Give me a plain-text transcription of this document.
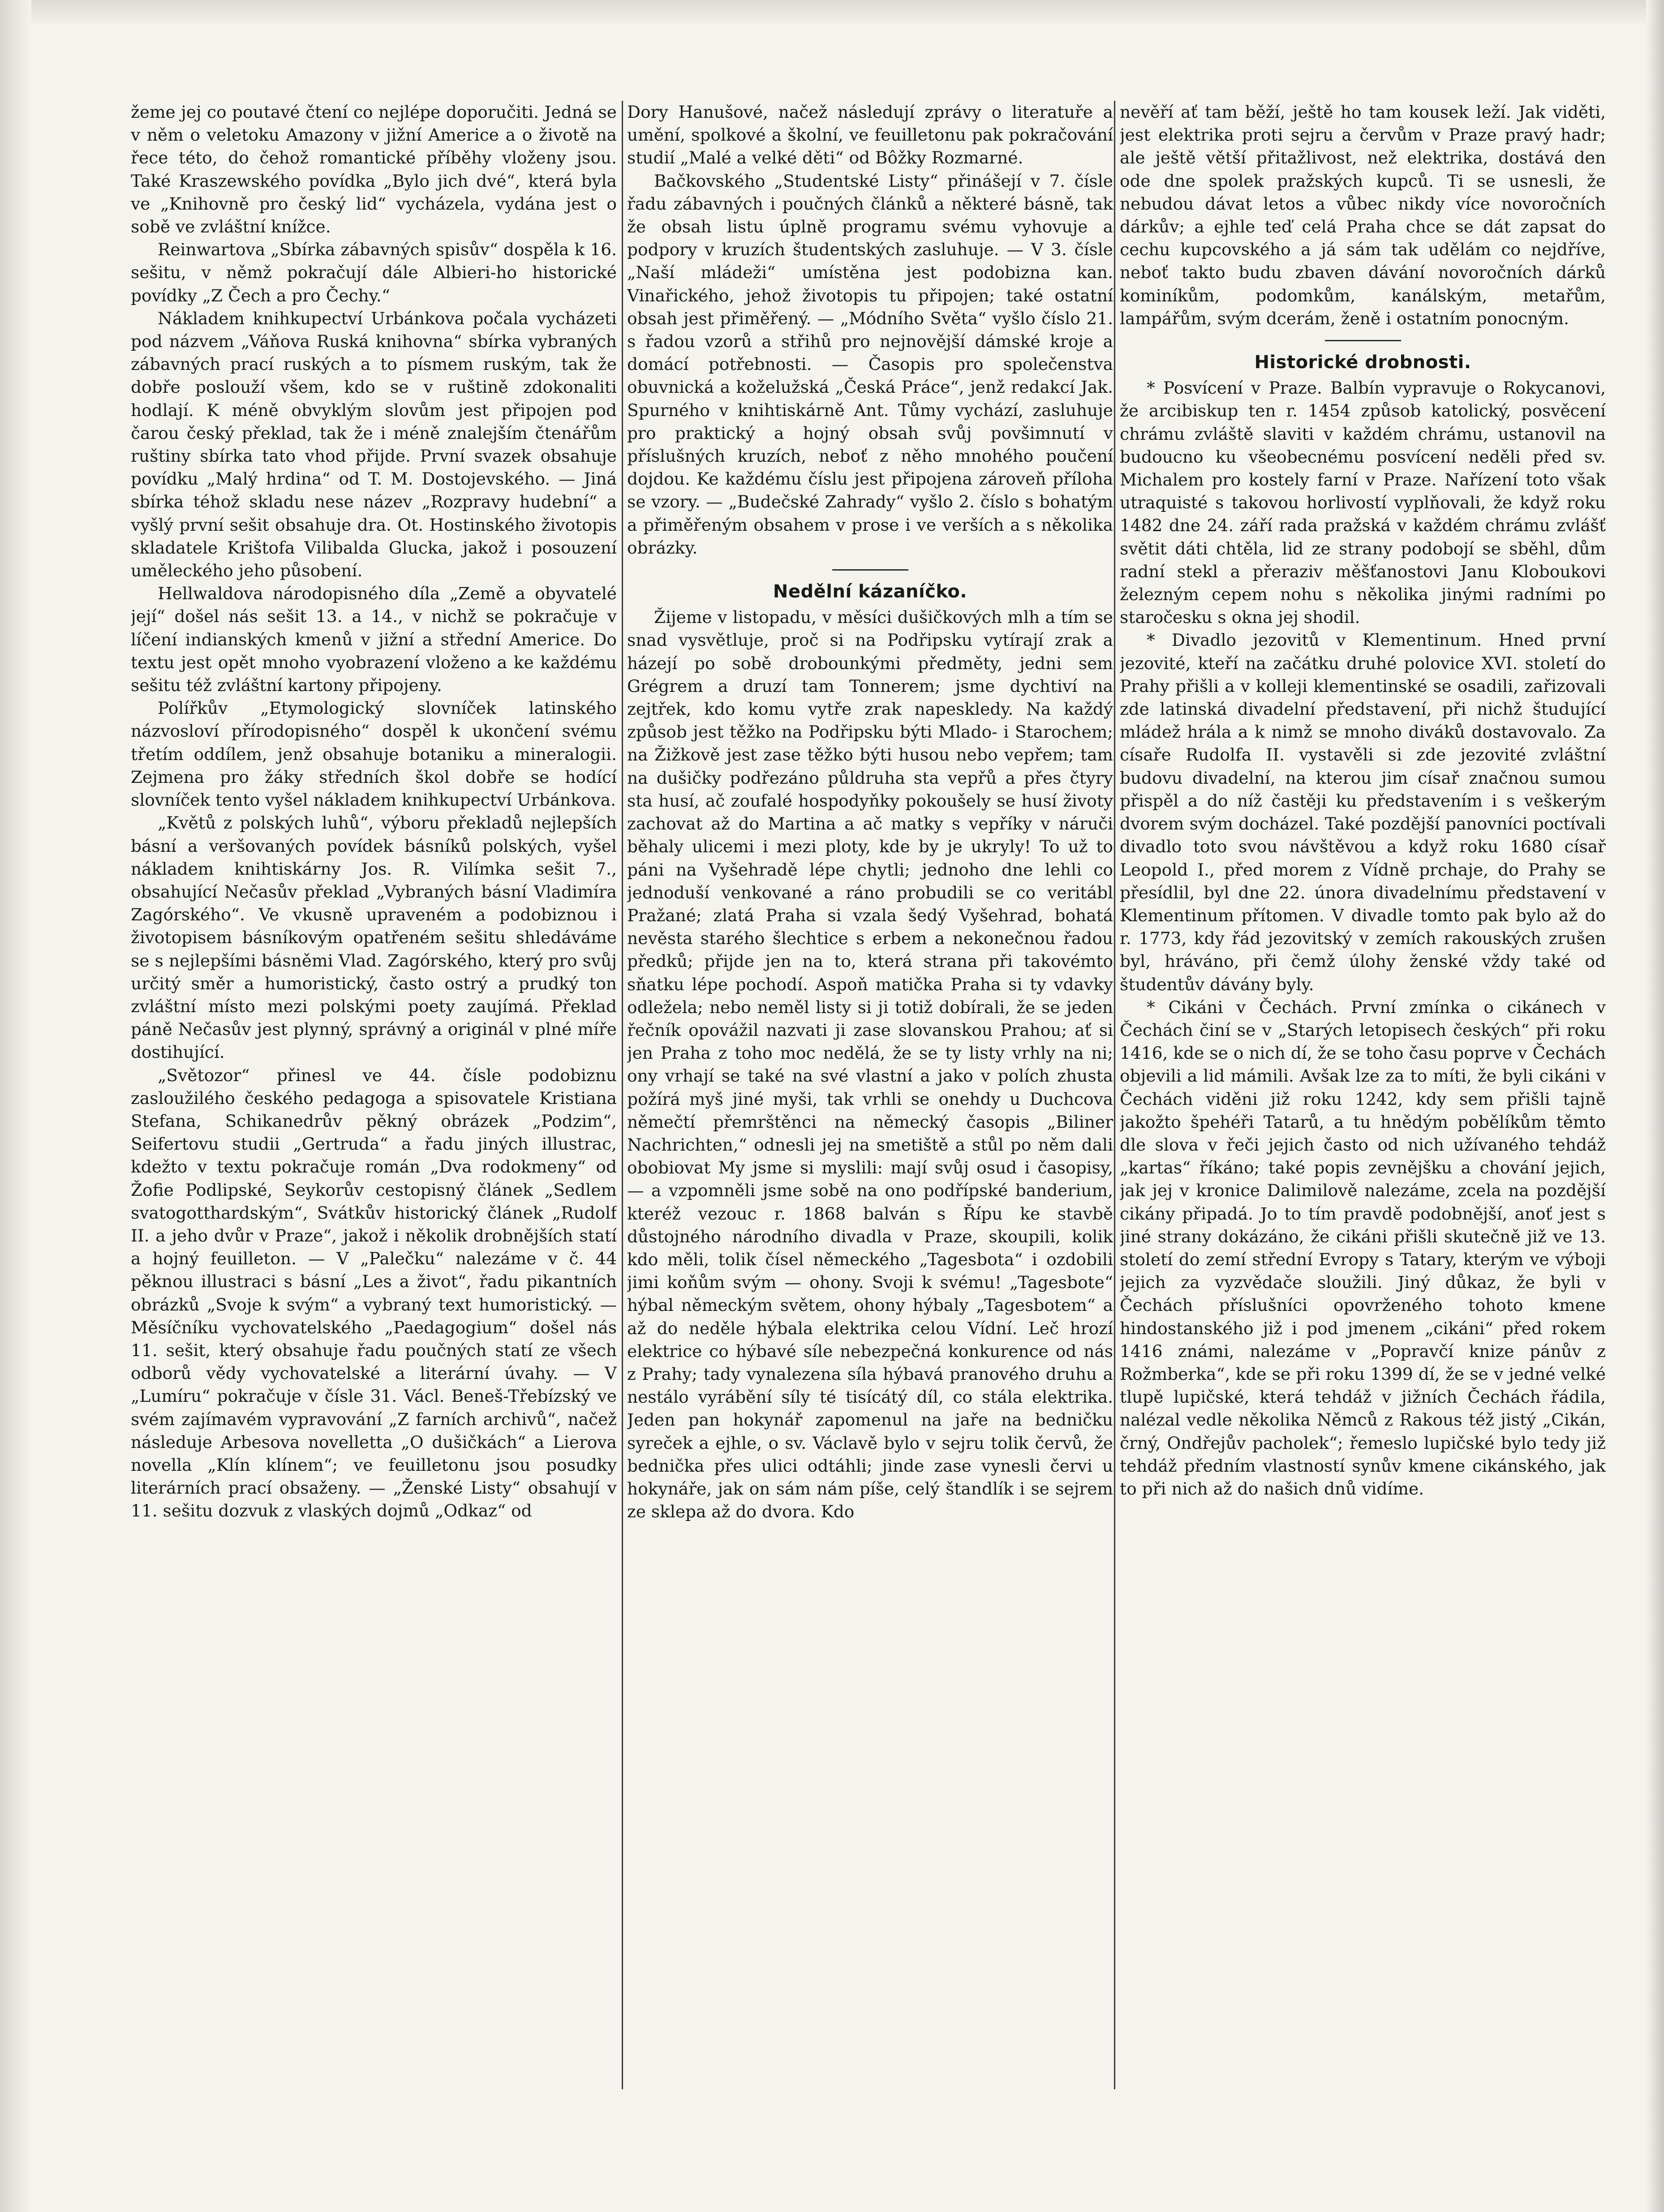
žeme jej co poutavé čtení co nejlépe doporučiti. Jedná se v něm o veletoku Amazony v jižní Americe a o životě na řece této, do čehož romantické příběhy vloženy jsou. Také Kraszewského povídka „Bylo jich dvé“, která byla ve „Knihovně pro český lid“ vycházela, vydána jest o sobě ve zvláštní knížce.

Reinwartova „Sbírka zábavných spisův“ dospěla k 16. sešitu, v němž pokračují dále Albieri-ho historické povídky „Z Čech a pro Čechy.“

Nákladem knihkupectví Urbánkova počala vycházeti pod názvem „Váňova Ruská knihovna“ sbírka vybraných zábavných prací ruských a to písmem ruským, tak že dobře poslouží všem, kdo se v ruštině zdokonaliti hodlají. K méně obvyklým slovům jest připojen pod čarou český překlad, tak že i méně znalejším čtenářům ruštiny sbírka tato vhod přijde. První svazek obsahuje povídku „Malý hrdina“ od T. M. Dostojevského. — Jiná sbírka téhož skladu nese název „Rozpravy hudební“ a vyšlý první sešit obsahuje dra. Ot. Hostinského životopis skladatele Krištofa Vilibalda Glucka, jakož i posouzení uměleckého jeho působení.

Hellwaldova národopisného díla „Země a obyvatelé její“ došel nás sešit 13. a 14., v nichž se pokračuje v líčení indianských kmenů v jižní a střední Americe. Do textu jest opět mnoho vyobrazení vloženo a ke každému sešitu též zvláštní kartony připojeny.

Polířkův „Etymologický slovníček latinského názvosloví přírodopisného“ dospěl k ukončení svému třetím oddílem, jenž obsahuje botaniku a mineralogii. Zejmena pro žáky středních škol dobře se hodící slovníček tento vyšel nákladem knihkupectví Urbánkova.

„Květů z polských luhů“, výboru překladů nejlepších básní a veršovaných povídek básníků polských, vyšel nákladem knihtiskárny Jos. R. Vilímka sešit 7., obsahující Nečasův překlad „Vybraných básní Vladimíra Zagórského“. Ve vkusně upraveném a podobiznou i životopisem básníkovým opatřeném sešitu shledáváme se s nejlepšími básněmi Vlad. Zagórského, který pro svůj určitý směr a humoristický, často ostrý a prudký ton zvláštní místo mezi polskými poety zaujímá. Překlad páně Nečasův jest plynný, správný a originál v plné míře dostihující.

„Světozor“ přinesl ve 44. čísle podobiznu zasloužilého českého pedagoga a spisovatele Kristiana Stefana, Schikanedrův pěkný obrázek „Podzim“, Seifertovu studii „Gertruda“ a řadu jiných illustrac, kdežto v textu pokračuje román „Dva rodokmeny“ od Žofie Podlipské, Seykorův cestopisný článek „Sedlem svatogotthardským“, Svátkův historický článek „Rudolf II. a jeho dvůr v Praze“, jakož i několik drobnějších statí a hojný feuilleton. — V „Palečku“ nalezáme v č. 44 pěknou illustraci s básní „Les a život“, řadu pikantních obrázků „Svoje k svým“ a vybraný text humoristický. — Měsíčníku vychovatelského „Paedagogium“ došel nás 11. sešit, který obsahuje řadu poučných statí ze všech odborů vědy vychovatelské a literární úvahy. — V „Lumíru“ pokračuje v čísle 31. Václ. Beneš-Třebízský ve svém zajímavém vypravování „Z farních archivů“, načež následuje Arbesova novelletta „O dušičkách“ a Lierova novella „Klín klínem“; ve feuilletonu jsou posudky literárních prací obsaženy. — „Ženské Listy“ obsahují v 11. sešitu dozvuk z vlaských dojmů „Odkaz“ od

Dory Hanušové, načež následují zprávy o literatuře a umění, spolkové a školní, ve feuilletonu pak pokračování studií „Malé a velké děti“ od Bôžky Rozmarné.

Bačkovského „Studentské Listy“ přinášejí v 7. čísle řadu zábavných i poučných článků a některé básně, tak že obsah listu úplně programu svému vyhovuje a podpory v kruzích študentských zasluhuje. — V 3. čísle „Naší mládeži“ umístěna jest podobizna kan. Vinařického, jehož životopis tu připojen; také ostatní obsah jest přiměřený. — „Módního Světa“ vyšlo číslo 21. s řadou vzorů a střihů pro nejnovější dámské kroje a domácí potřebnosti. — Časopis pro společenstva obuvnická a koželužská „Česká Práce“, jenž redakcí Jak. Spurného v knihtiskárně Ant. Tůmy vychází, zasluhuje pro praktický a hojný obsah svůj povšimnutí v příslušných kruzích, neboť z něho mnohého poučení dojdou. Ke každému číslu jest připojena zároveň příloha se vzory. — „Budečské Zahrady“ vyšlo 2. číslo s bohatým a přiměřeným obsahem v prose i ve verších a s několika obrázky.

Nedělní kázaníčko.

Žijeme v listopadu, v měsíci dušičkových mlh a tím se snad vysvětluje, proč si na Podřipsku vytírají zrak a házejí po sobě drobounkými předměty, jedni sem Grégrem a druzí tam Tonnerem; jsme dychtiví na zejtřek, kdo komu vytře zrak napeskledy. Na každý způsob jest těžko na Podřipsku býti Mlado- i Starochem; na Žižkově jest zase těžko býti husou nebo vepřem; tam na dušičky podřezáno půldruha sta vepřů a přes čtyry sta husí, ač zoufalé hospodyňky pokoušely se husí životy zachovat až do Martina a ač matky s vepříky v náruči běhaly ulicemi i mezi ploty, kde by je ukryly! To už to páni na Vyšehradě lépe chytli; jednoho dne lehli co jednoduší venkované a ráno probudili se co veritábl Pražané; zlatá Praha si vzala šedý Vyšehrad, bohatá nevěsta starého šlechtice s erbem a nekonečnou řadou předků; přijde jen na to, která strana při takovémto sňatku lépe pochodí. Aspoň matička Praha si ty vdavky odležela; nebo neměl listy si ji totiž dobírali, že se jeden řečník opovážil nazvati ji zase slovanskou Prahou; ať si jen Praha z toho moc nedělá, že se ty listy vrhly na ni; ony vrhají se také na své vlastní a jako v polích zhusta požírá myš jiné myši, tak vrhli se onehdy u Duchcova němečtí přemrštěnci na německý časopis „Biliner Nachrichten,“ odnesli jej na smetiště a stůl po něm dali obobiovat My jsme si myslili: mají svůj osud i časopisy, — a vzpomněli jsme sobě na ono podřípské banderium, kteréž vezouc r. 1868 balván s Řípu ke stavbě důstojného národního divadla v Praze, skoupili, kolik kdo měli, tolik čísel německého „Tagesbota“ i ozdobili jimi koňům svým — ohony. Svoji k svému! „Tagesbote“ hýbal německým světem, ohony hýbaly „Tagesbotem“ a až do neděle hýbala elektrika celou Vídní. Leč hrozí elektrice co hýbavé síle nebezpečná konkurence od nás z Prahy; tady vynalezena síla hýbavá pranového druhu a nestálo vyrábění síly té tisícátý díl, co stála elektrika. Jeden pan hokynář zapomenul na jaře na bedničku syreček a ejhle, o sv. Václavě bylo v sejru tolik červů, že bednička přes ulici odtáhli; jinde zase vynesli červi u hokynáře, jak on sám nám píše, celý štandlík i se sejrem ze sklepa až do dvora. Kdo

nevěří ať tam běží, ještě ho tam kousek leží. Jak viděti, jest elektrika proti sejru a červům v Praze pravý hadr; ale ještě větší přitažlivost, než elektrika, dostává den ode dne spolek pražských kupců. Ti se usnesli, že nebudou dávat letos a vůbec nikdy více novoročních dárkův; a ejhle teď celá Praha chce se dát zapsat do cechu kupcovského a já sám tak udělám co nejdříve, neboť takto budu zbaven dávání novoročních dárků kominíkům, podomkům, kanálským, metařům, lampářům, svým dcerám, ženě i ostatním ponocným.

Historické drobnosti.

* Posvícení v Praze. Balbín vypravuje o Rokycanovi, že arcibiskup ten r. 1454 způsob katolický, posvěcení chrámu zvláště slaviti v každém chrámu, ustanovil na budoucno ku všeobecnému posvícení neděli před sv. Michalem pro kostely farní v Praze. Nařízení toto však utraquisté s takovou horlivostí vyplňovali, že když roku 1482 dne 24. září rada pražská v každém chrámu zvlášť světit dáti chtěla, lid ze strany podobojí se sběhl, dům radní stekl a přeraziv měšťanostovi Janu Kloboukovi železným cepem nohu s několika jinými radními po staročesku s okna jej shodil.

* Divadlo jezovitů v Klementinum. Hned první jezovité, kteří na začátku druhé polovice XVI. století do Prahy přišli a v kolleji klementinské se osadili, zařizovali zde latinská divadelní představení, při nichž študující mládež hrála a k nimž se mnoho diváků dostavovalo. Za císaře Rudolfa II. vystavěli si zde jezovité zvláštní budovu divadelní, na kterou jim císař značnou sumou přispěl a do níž častěji ku představením i s veškerým dvorem svým docházel. Také pozdější panovníci poctívali divadlo toto svou návštěvou a když roku 1680 císař Leopold I., před morem z Vídně prchaje, do Prahy se přesídlil, byl dne 22. února divadelnímu představení v Klementinum přítomen. V divadle tomto pak bylo až do r. 1773, kdy řád jezovitský v zemích rakouských zrušen byl, hráváno, při čemž úlohy ženské vždy také od študentův dávány byly.

* Cikáni v Čechách. První zmínka o cikánech v Čechách činí se v „Starých letopisech českých“ při roku 1416, kde se o nich dí, že se toho času poprve v Čechách objevili a lid mámili. Avšak lze za to míti, že byli cikáni v Čechách viděni již roku 1242, kdy sem přišli tajně jakožto špehéři Tatarů, a tu hnědým pobělíkům těmto dle slova v řeči jejich často od nich užívaného tehdáž „kartas“ říkáno; také popis zevnějšku a chování jejich, jak jej v kronice Dalimilově nalezáme, zcela na pozdější cikány připadá. Jo to tím pravdě podobnější, anoť jest s jiné strany dokázáno, že cikáni přišli skutečně již ve 13. století do zemí střední Evropy s Tatary, kterým ve výboji jejich za vyzvědače sloužili. Jiný důkaz, že byli v Čechách příslušníci opovrženého tohoto kmene hindostanského již i pod jmenem „cikáni“ před rokem 1416 známi, nalezáme v „Popravčí knize pánův z Rožmberka“, kde se při roku 1399 dí, že se v jedné velké tlupě lupičské, která tehdáž v jižních Čechách řádila, nalézal vedle několika Němců z Rakous též jistý „Cikán, črný, Ondřejův pacholek“; řemeslo lupičské bylo tedy již tehdáž předním vlastností synův kmene cikánského, jak to při nich až do našich dnů vidíme.
